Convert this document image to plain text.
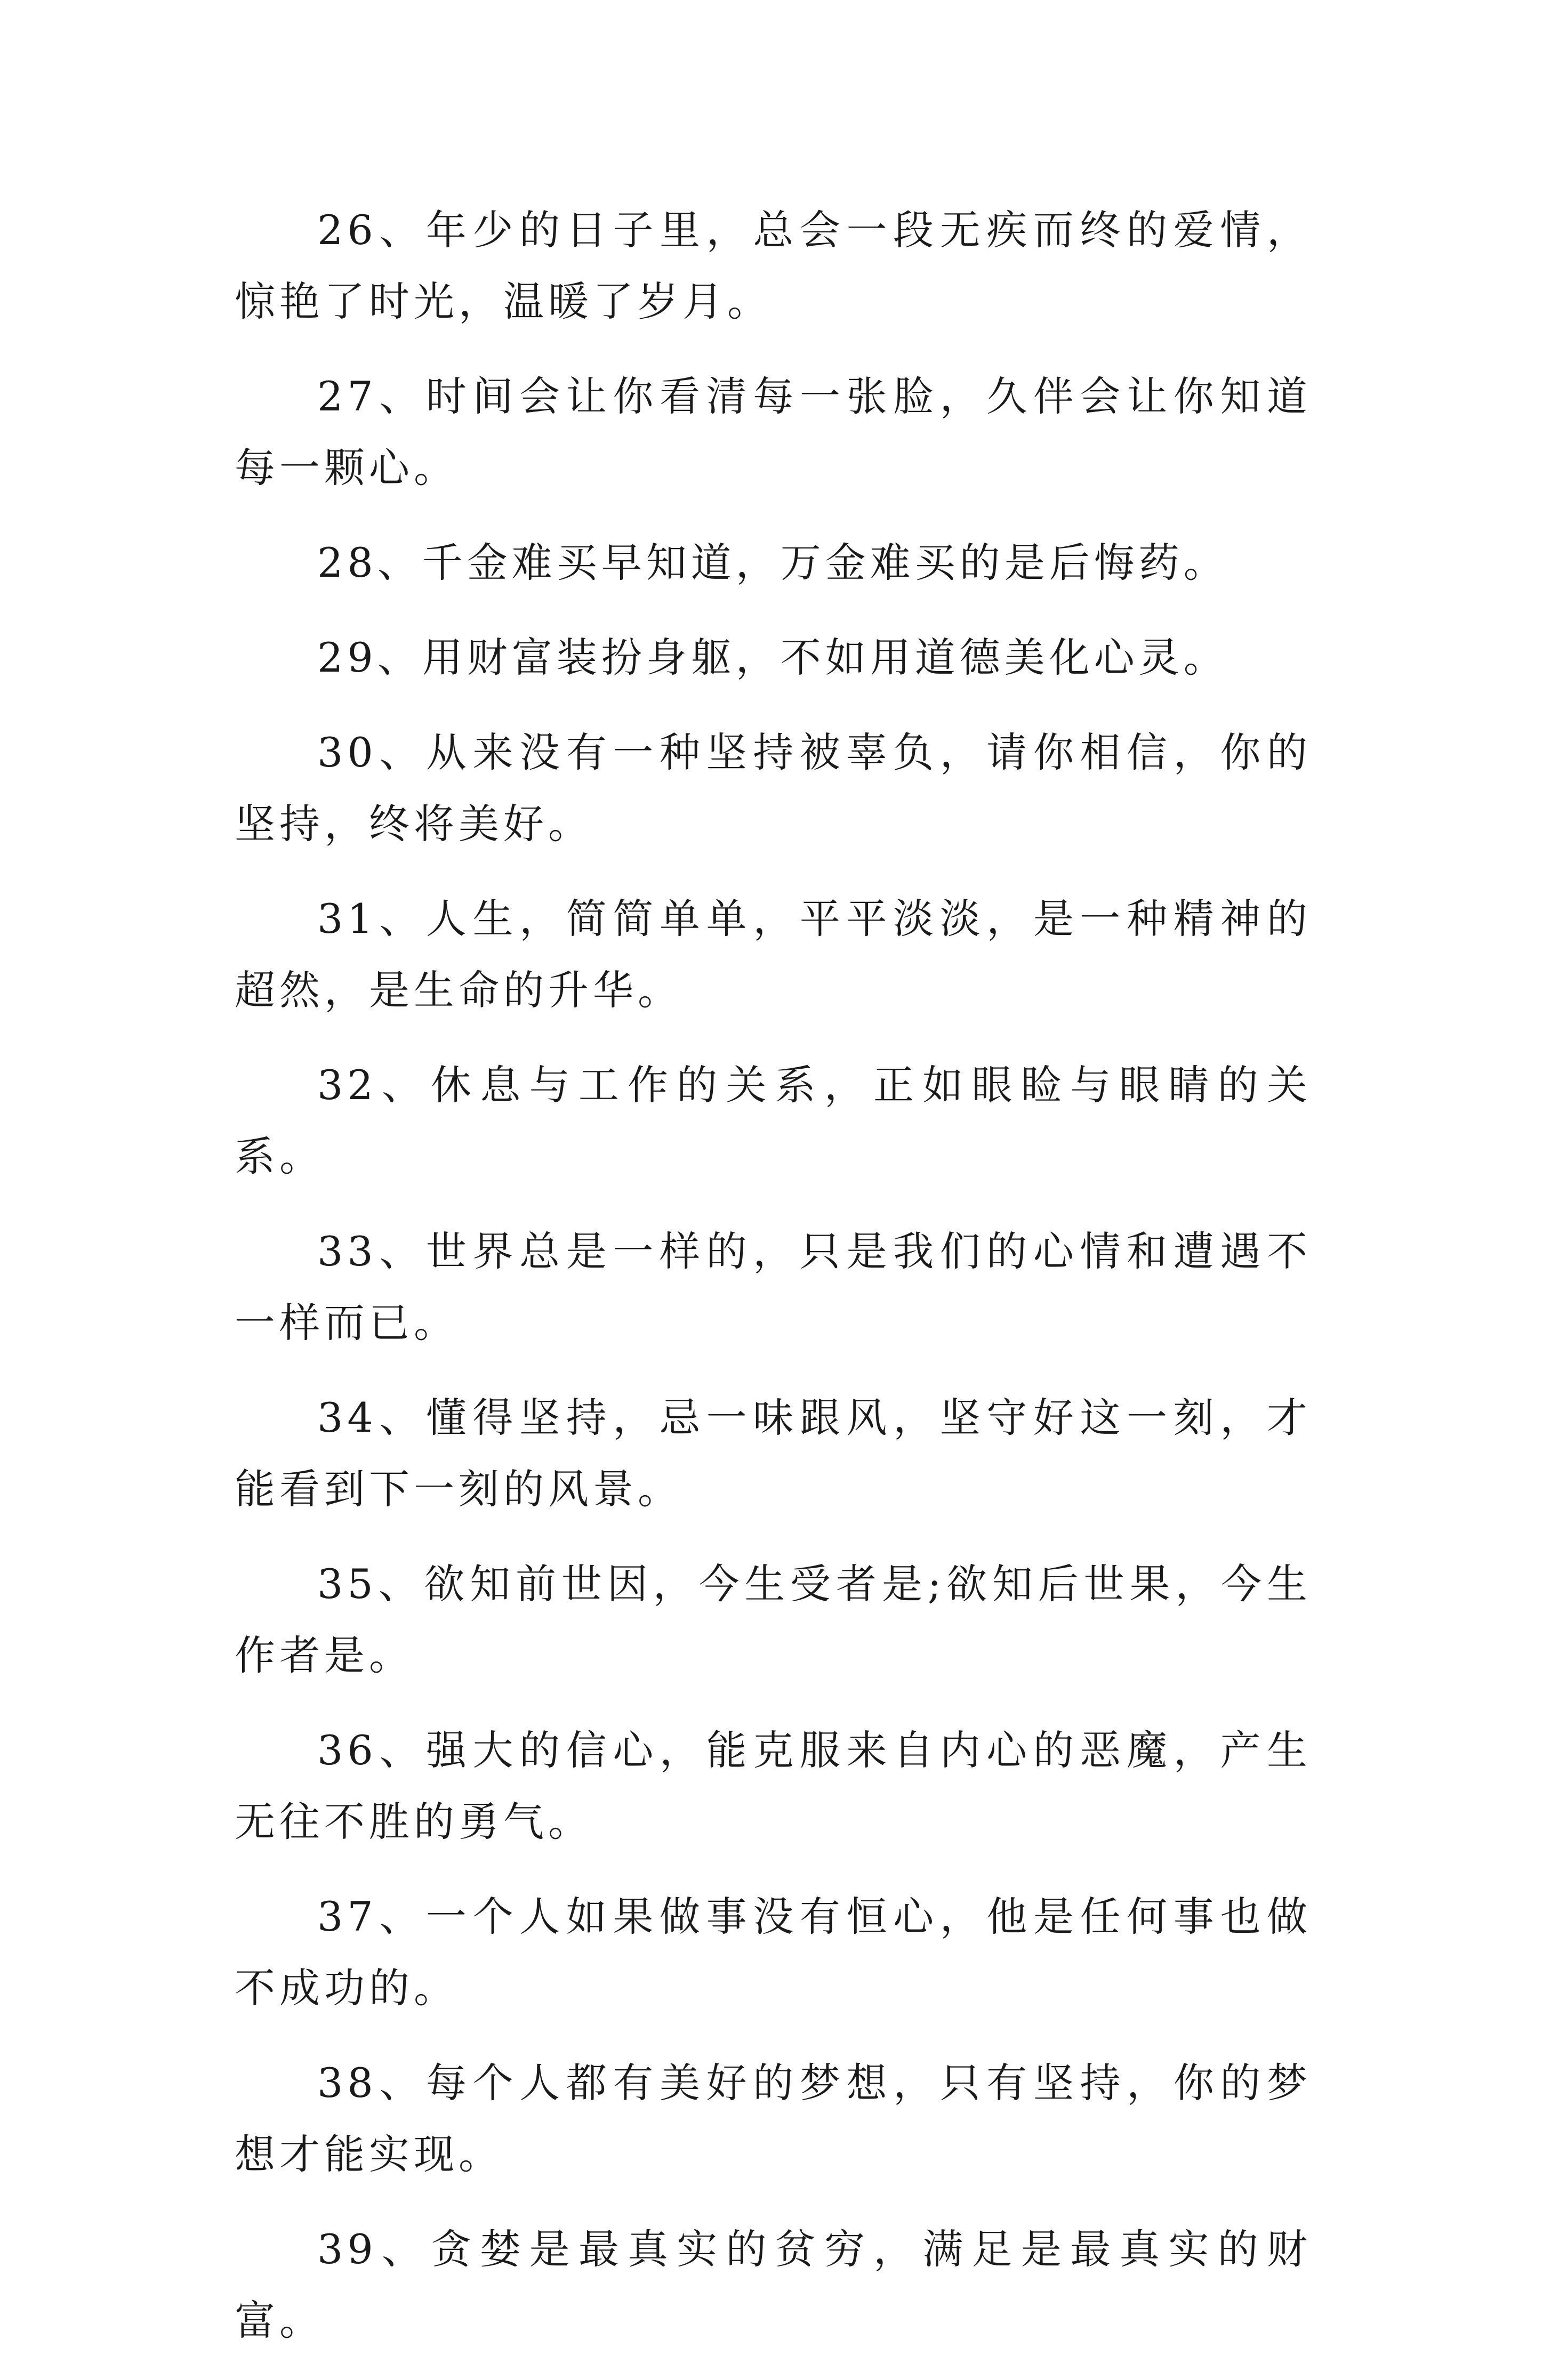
26、年少的日子里，总会一段无疾而终的爱情，惊艳了时光，温暖了岁月。

27、时间会让你看清每一张脸，久伴会让你知道每一颗心。

28、千金难买早知道，万金难买的是后悔药。

29、用财富装扮身躯，不如用道德美化心灵。

30、从来没有一种坚持被辜负，请你相信，你的坚持，终将美好。

31、人生，简简单单，平平淡淡，是一种精神的超然，是生命的升华。

32、休息与工作的关系，正如眼睑与眼睛的关系。

33、世界总是一样的，只是我们的心情和遭遇不一样而已。

34、懂得坚持，忌一味跟风，坚守好这一刻，才能看到下一刻的风景。

35、欲知前世因，今生受者是;欲知后世果，今生作者是。

36、强大的信心，能克服来自内心的恶魔，产生无往不胜的勇气。

37、一个人如果做事没有恒心，他是任何事也做不成功的。

38、每个人都有美好的梦想，只有坚持，你的梦想才能实现。

39、贪婪是最真实的贫穷，满足是最真实的财富。
